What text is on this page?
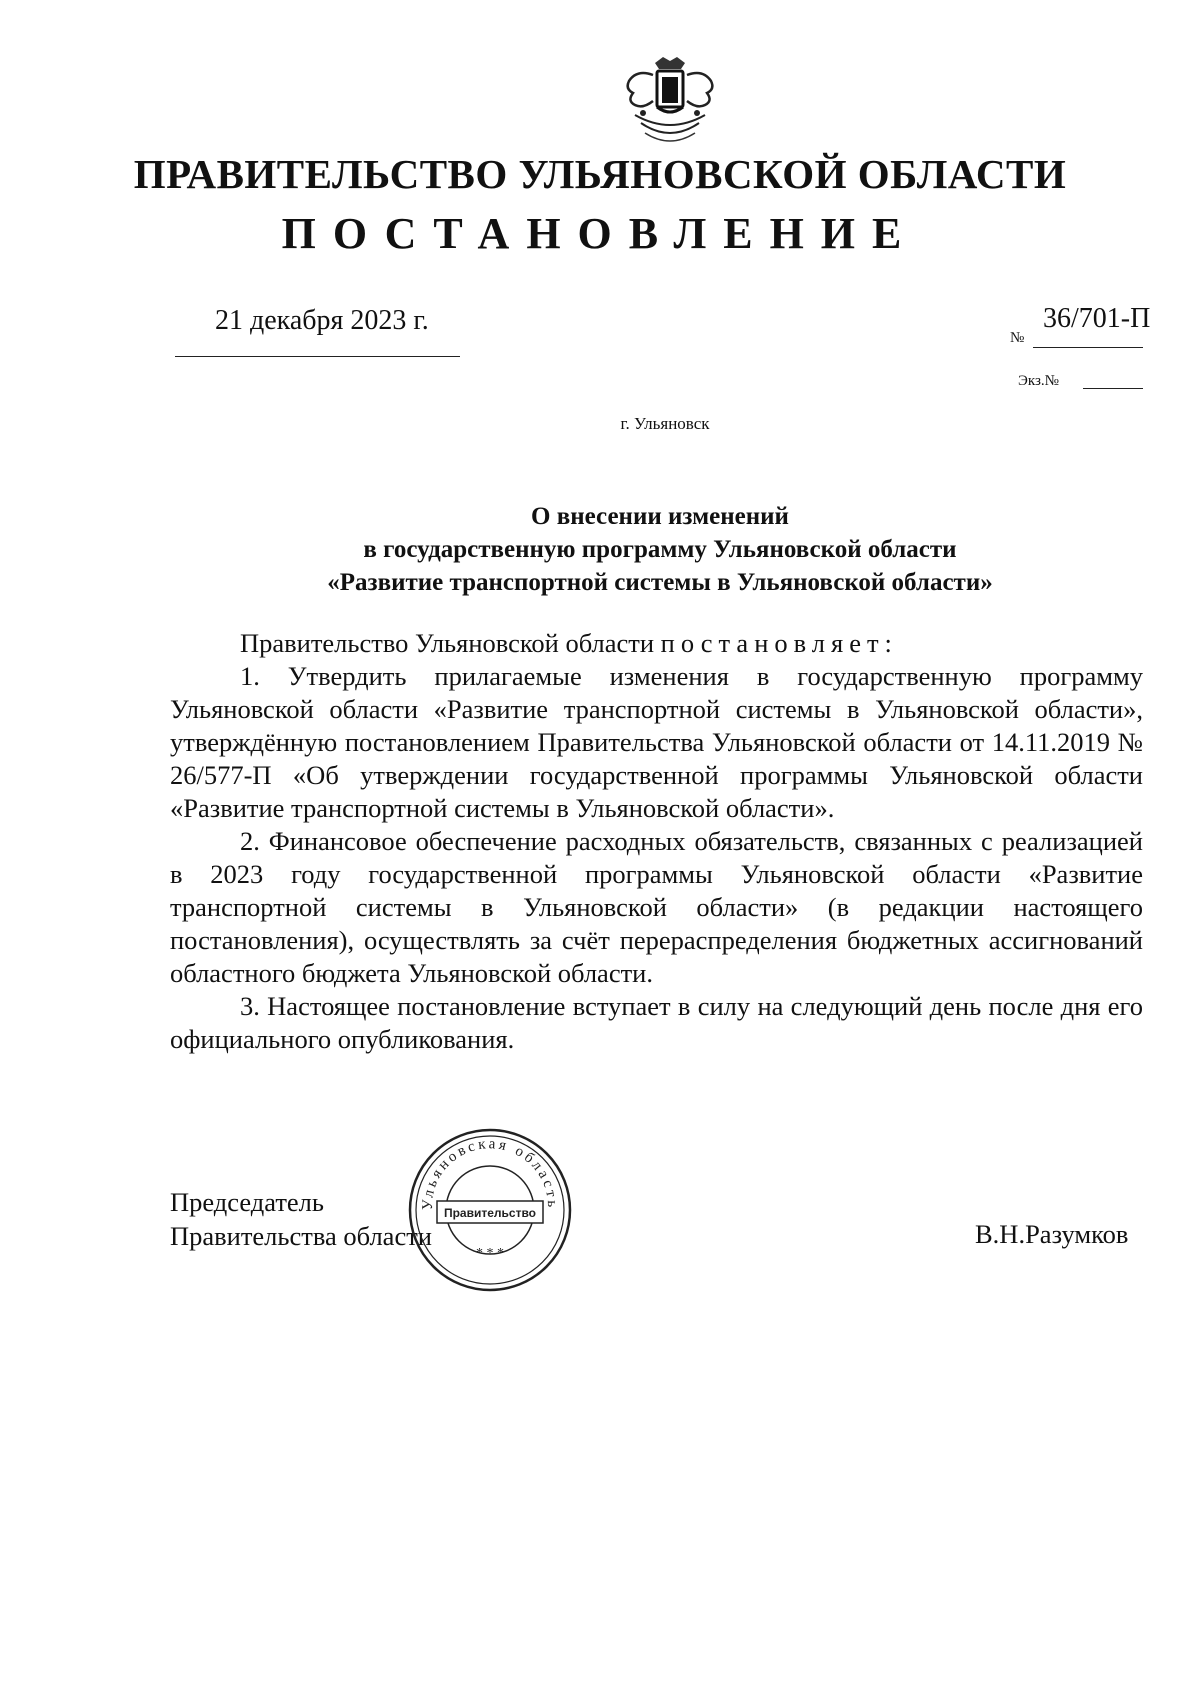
ПРАВИТЕЛЬСТВО УЛЬЯНОВСКОЙ ОБЛАСТИ
ПОСТАНОВЛЕНИЕ
21 декабря 2023 г.
№
36/701-П
Экз.№
г. Ульяновск
О внесении изменений
в государственную программу Ульяновской области
«Развитие транспортной системы в Ульяновской области»
Правительство Ульяновской области постановляет:

1. Утвердить прилагаемые изменения в государственную программу Ульяновской области «Развитие транспортной системы в Ульяновской области», утверждённую постановлением Правительства Ульяновской области от 14.11.2019 № 26/577-П «Об утверждении государственной программы Ульяновской области «Развитие транспортной системы в Ульяновской области».

2. Финансовое обеспечение расходных обязательств, связанных с реализацией в 2023 году государственной программы Ульяновской области «Развитие транспортной системы в Ульяновской области» (в редакции настоящего постановления), осуществлять за счёт перераспределения бюджетных ассигнований областного бюджета Ульяновской области.

3. Настоящее постановление вступает в силу на следующий день после дня его официального опубликования.

Председатель
Правительства области	В.Н.Разумков
Ульяновская область
Правительство
* * *
